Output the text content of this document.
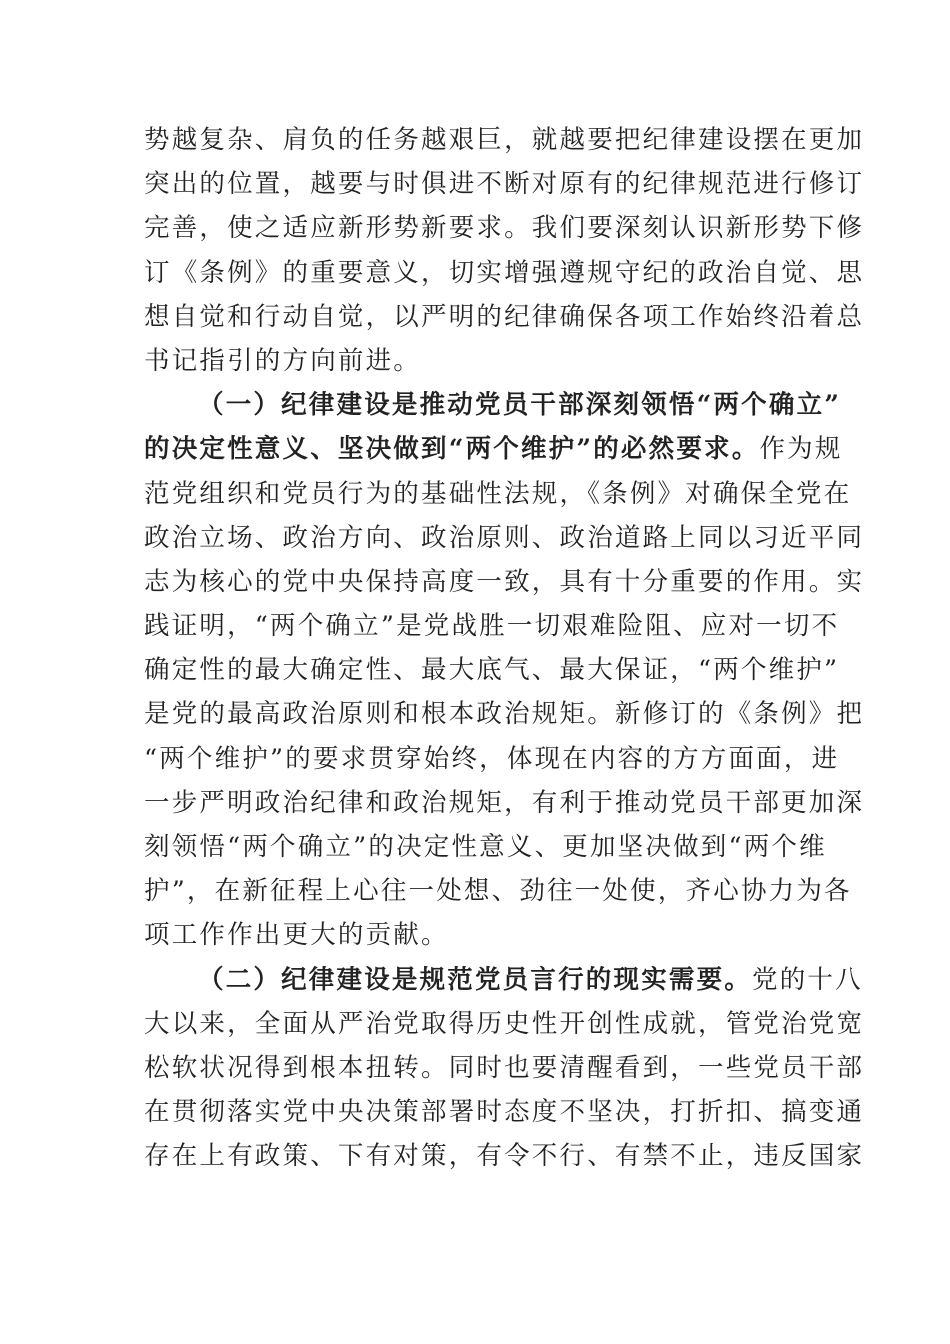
势越复杂、肩负的任务越艰巨，就越要把纪律建设摆在更加
突出的位置，越要与时俱进不断对原有的纪律规范进行修订
完善，使之适应新形势新要求。我们要深刻认识新形势下修
订《条例》的重要意义，切实增强遵规守纪的政治自觉、思
想自觉和行动自觉，以严明的纪律确保各项工作始终沿着总
书记指引的方向前进。
（一）纪律建设是推动党员干部深刻领悟“两个确立”
的决定性意义、坚决做到“两个维护”的必然要求。作为规
范党组织和党员行为的基础性法规，《条例》对确保全党在
政治立场、政治方向、政治原则、政治道路上同以习近平同
志为核心的党中央保持高度一致，具有十分重要的作用。实
践证明，“两个确立”是党战胜一切艰难险阻、应对一切不
确定性的最大确定性、最大底气、最大保证，“两个维护”
是党的最高政治原则和根本政治规矩。新修订的《条例》把
“两个维护”的要求贯穿始终，体现在内容的方方面面，进
一步严明政治纪律和政治规矩，有利于推动党员干部更加深
刻领悟“两个确立”的决定性意义、更加坚决做到“两个维
护”，在新征程上心往一处想、劲往一处使，齐心协力为各
项工作作出更大的贡献。
（二）纪律建设是规范党员言行的现实需要。党的十八
大以来，全面从严治党取得历史性开创性成就，管党治党宽
松软状况得到根本扭转。同时也要清醒看到，一些党员干部
在贯彻落实党中央决策部署时态度不坚决，打折扣、搞变通
存在上有政策、下有对策，有令不行、有禁不止，违反国家
